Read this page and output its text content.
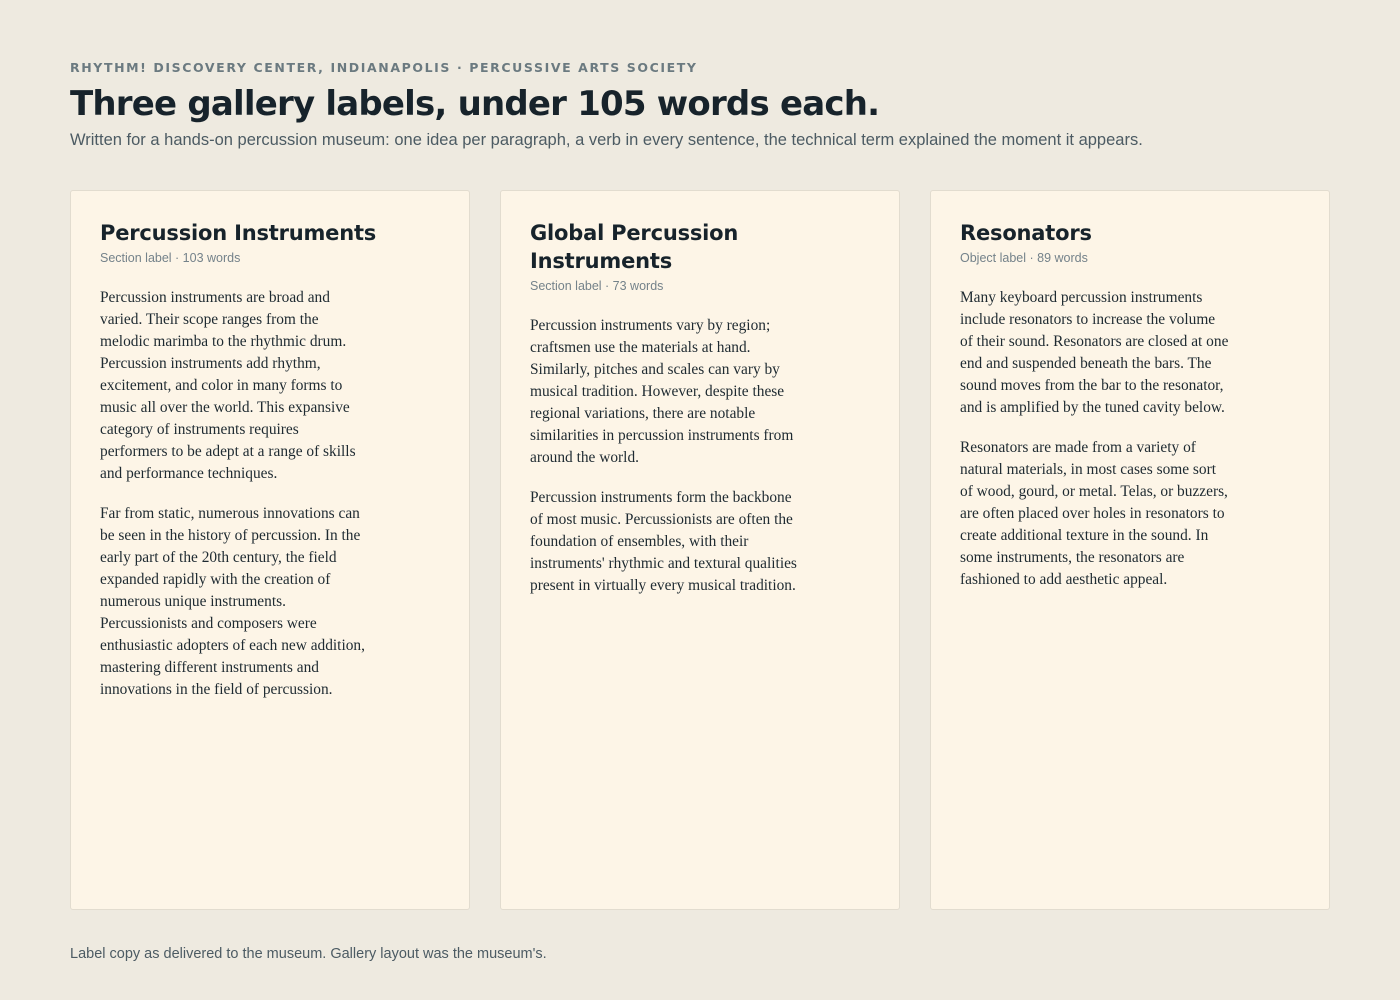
RHYTHM! DISCOVERY CENTER, INDIANAPOLIS · PERCUSSIVE ARTS SOCIETY
Three gallery labels, under 105 words each.

Written for a hands-on percussion museum: one idea per paragraph, a verb in every sentence, the technical term explained the moment it appears.

Percussion Instruments
Section label · 103 words

Percussion instruments are broad and varied. Their scope ranges from the melodic marimba to the rhythmic drum. Percussion instruments add rhythm, excitement, and color in many forms to music all over the world. This expansive category of instruments requires performers to be adept at a range of skills and performance techniques.

Far from static, numerous innovations can be seen in the history of percussion. In the early part of the 20th century, the field expanded rapidly with the creation of numerous unique instruments. Percussionists and composers were enthusiastic adopters of each new addition, mastering different instruments and innovations in the field of percussion.

Global Percussion Instruments
Section label · 73 words

Percussion instruments vary by region; craftsmen use the materials at hand. Similarly, pitches and scales can vary by musical tradition. However, despite these regional variations, there are notable similarities in percussion instruments from around the world.

Percussion instruments form the backbone of most music. Percussionists are often the foundation of ensembles, with their instruments' rhythmic and textural qualities present in virtually every musical tradition.

Resonators
Object label · 89 words

Many keyboard percussion instruments include resonators to increase the volume of their sound. Resonators are closed at one end and suspended beneath the bars. The sound moves from the bar to the resonator, and is amplified by the tuned cavity below.

Resonators are made from a variety of natural materials, in most cases some sort of wood, gourd, or metal. Telas, or buzzers, are often placed over holes in resonators to create additional texture in the sound. In some instruments, the resonators are fashioned to add aesthetic appeal.

Label copy as delivered to the museum. Gallery layout was the museum's.
